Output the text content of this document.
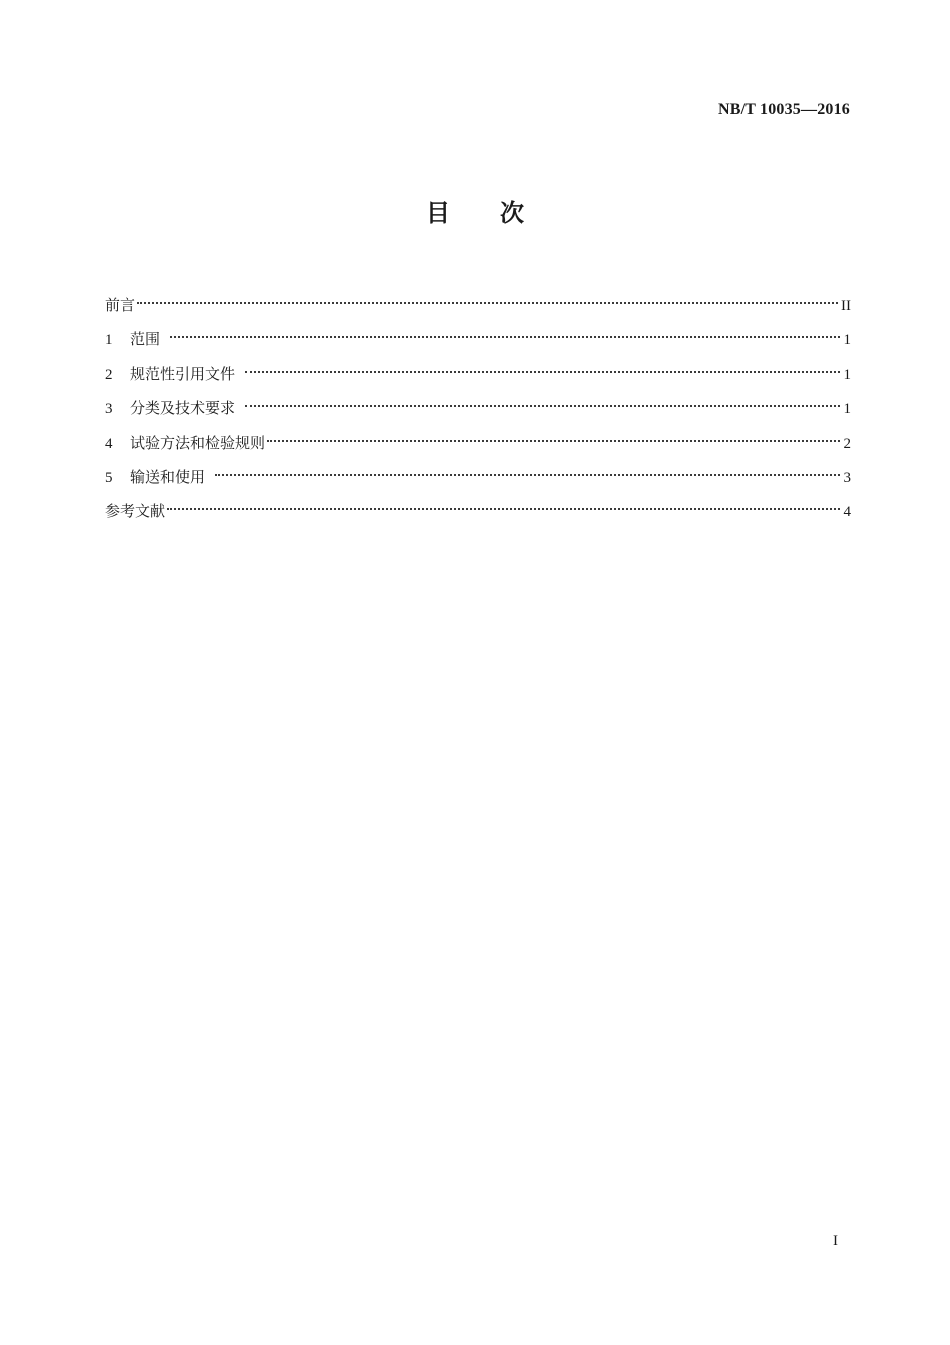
NB/T 10035—2016
目 次
前言	II
1	范围	1
2	规范性引用文件	1
3	分类及技术要求	1
4	试验方法和检验规则	2
5	输送和使用	3
参考文献	4
I
